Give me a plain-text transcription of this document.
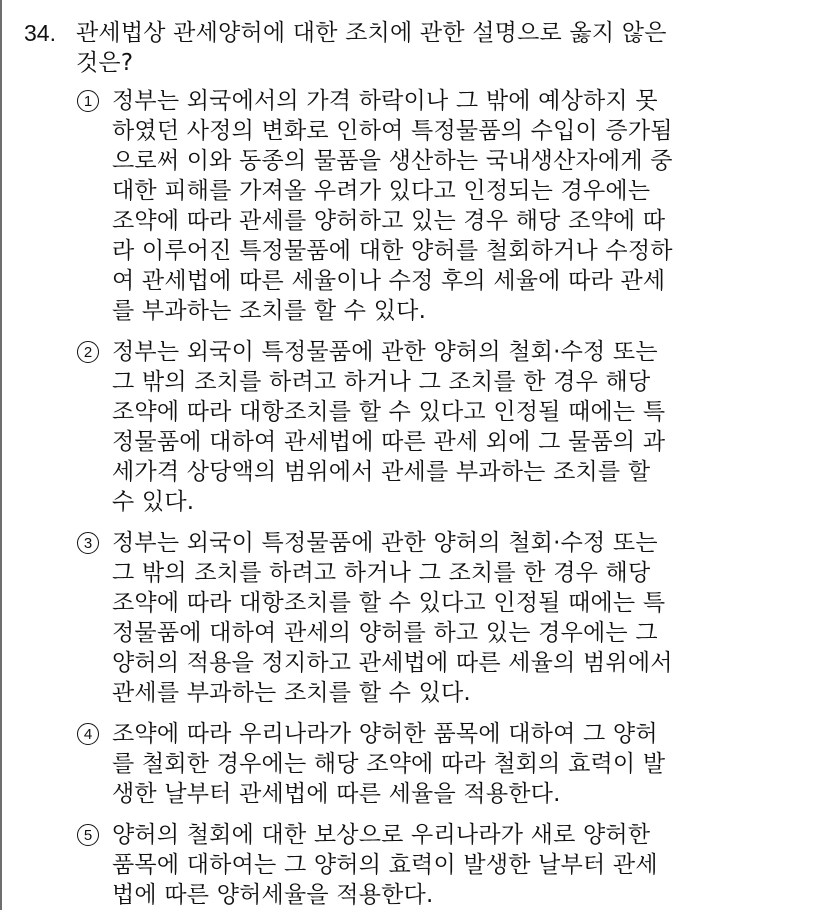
34. 관세법상 관세양허에 대한 조치에 관한 설명으로 옳지 않은
것은?
1 정부는 외국에서의 가격 하락이나 그 밖에 예상하지 못
하였던 사정의 변화로 인하여 특정물품의 수입이 증가됨
으로써 이와 동종의 물품을 생산하는 국내생산자에게 중
대한 피해를 가져올 우려가 있다고 인정되는 경우에는
조약에 따라 관세를 양허하고 있는 경우 해당 조약에 따
라 이루어진 특정물품에 대한 양허를 철회하거나 수정하
여 관세법에 따른 세율이나 수정 후의 세율에 따라 관세
를 부과하는 조치를 할 수 있다.
2 정부는 외국이 특정물품에 관한 양허의 철회·수정 또는
그 밖의 조치를 하려고 하거나 그 조치를 한 경우 해당
조약에 따라 대항조치를 할 수 있다고 인정될 때에는 특
정물품에 대하여 관세법에 따른 관세 외에 그 물품의 과
세가격 상당액의 범위에서 관세를 부과하는 조치를 할
수 있다.
3 정부는 외국이 특정물품에 관한 양허의 철회·수정 또는
그 밖의 조치를 하려고 하거나 그 조치를 한 경우 해당
조약에 따라 대항조치를 할 수 있다고 인정될 때에는 특
정물품에 대하여 관세의 양허를 하고 있는 경우에는 그
양허의 적용을 정지하고 관세법에 따른 세율의 범위에서
관세를 부과하는 조치를 할 수 있다.
4 조약에 따라 우리나라가 양허한 품목에 대하여 그 양허
를 철회한 경우에는 해당 조약에 따라 철회의 효력이 발
생한 날부터 관세법에 따른 세율을 적용한다.
5 양허의 철회에 대한 보상으로 우리나라가 새로 양허한
품목에 대하여는 그 양허의 효력이 발생한 날부터 관세
법에 따른 양허세율을 적용한다.
